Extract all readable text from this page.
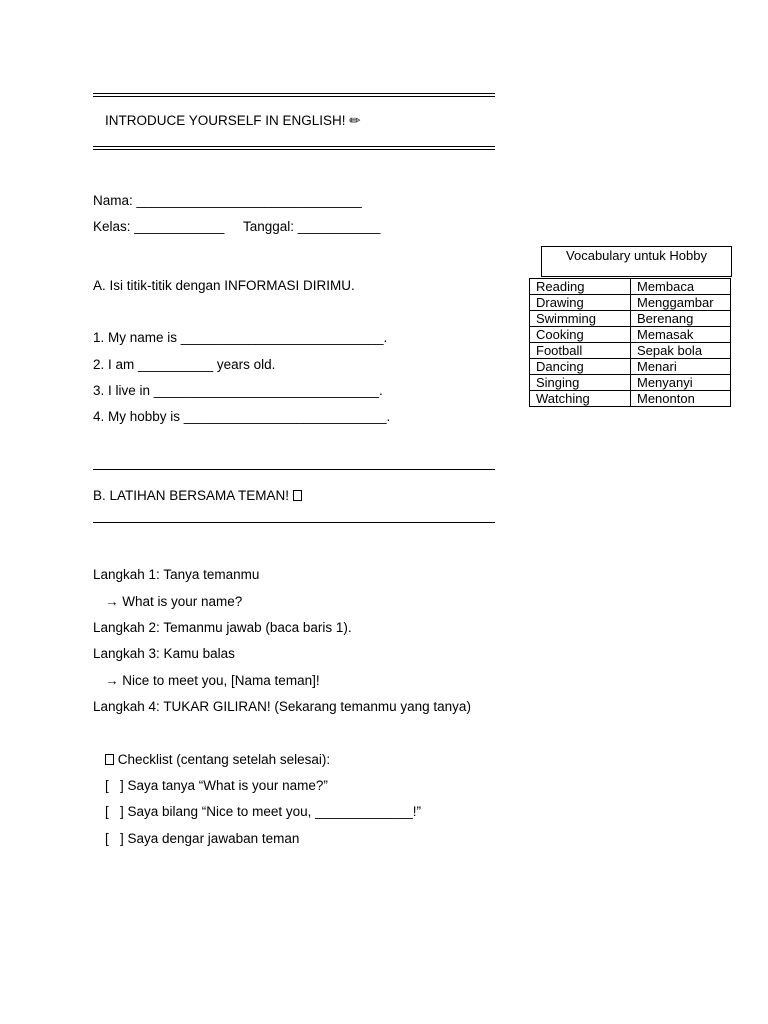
INTRODUCE YOURSELF IN ENGLISH! ✏
Nama: ______________________________
Kelas: ____________ Tanggal: ___________
A. Isi titik-titik dengan INFORMASI DIRIMU.
1. My name is ___________________________.
2. I am __________ years old.
3. I live in ______________________________.
4. My hobby is ___________________________.
Vocabulary untuk Hobby
Reading	Membaca
Drawing	Menggambar
Swimming	Berenang
Cooking	Memasak
Football	Sepak bola
Dancing	Menari
Singing	Menyanyi
Watching	Menonton
B. LATIHAN BERSAMA TEMAN!
Langkah 1: Tanya temanmu
→ What is your name?
Langkah 2: Temanmu jawab (baca baris 1).
Langkah 3: Kamu balas
→ Nice to meet you, [Nama teman]!
Langkah 4: TUKAR GILIRAN! (Sekarang temanmu yang tanya)
Checklist (centang setelah selesai):
[   ] Saya tanya “What is your name?”
[   ] Saya bilang “Nice to meet you, _____________!”
[   ] Saya dengar jawaban teman
